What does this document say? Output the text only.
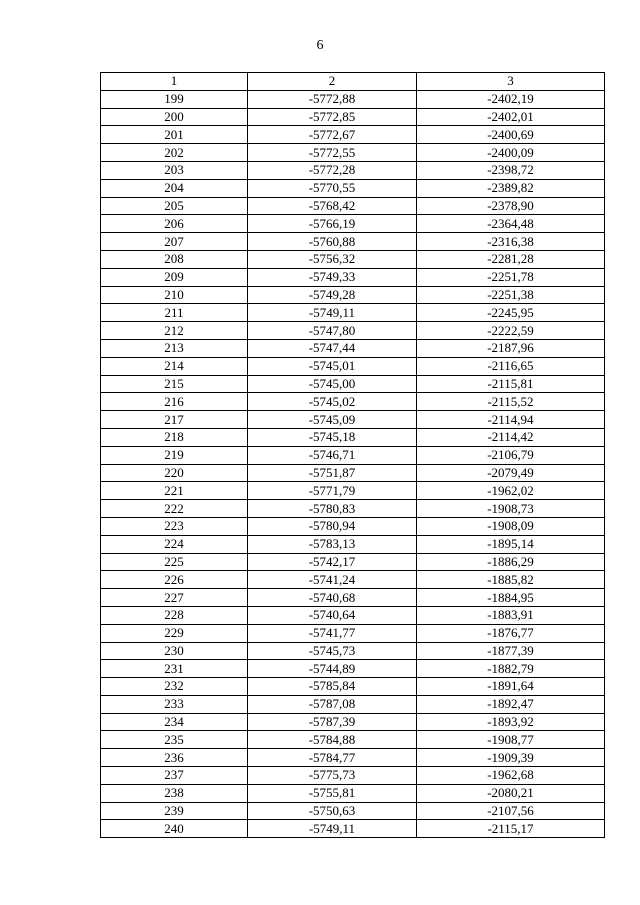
6
1	2	3
199	-5772,88	-2402,19
200	-5772,85	-2402,01
201	-5772,67	-2400,69
202	-5772,55	-2400,09
203	-5772,28	-2398,72
204	-5770,55	-2389,82
205	-5768,42	-2378,90
206	-5766,19	-2364,48
207	-5760,88	-2316,38
208	-5756,32	-2281,28
209	-5749,33	-2251,78
210	-5749,28	-2251,38
211	-5749,11	-2245,95
212	-5747,80	-2222,59
213	-5747,44	-2187,96
214	-5745,01	-2116,65
215	-5745,00	-2115,81
216	-5745,02	-2115,52
217	-5745,09	-2114,94
218	-5745,18	-2114,42
219	-5746,71	-2106,79
220	-5751,87	-2079,49
221	-5771,79	-1962,02
222	-5780,83	-1908,73
223	-5780,94	-1908,09
224	-5783,13	-1895,14
225	-5742,17	-1886,29
226	-5741,24	-1885,82
227	-5740,68	-1884,95
228	-5740,64	-1883,91
229	-5741,77	-1876,77
230	-5745,73	-1877,39
231	-5744,89	-1882,79
232	-5785,84	-1891,64
233	-5787,08	-1892,47
234	-5787,39	-1893,92
235	-5784,88	-1908,77
236	-5784,77	-1909,39
237	-5775,73	-1962,68
238	-5755,81	-2080,21
239	-5750,63	-2107,56
240	-5749,11	-2115,17
